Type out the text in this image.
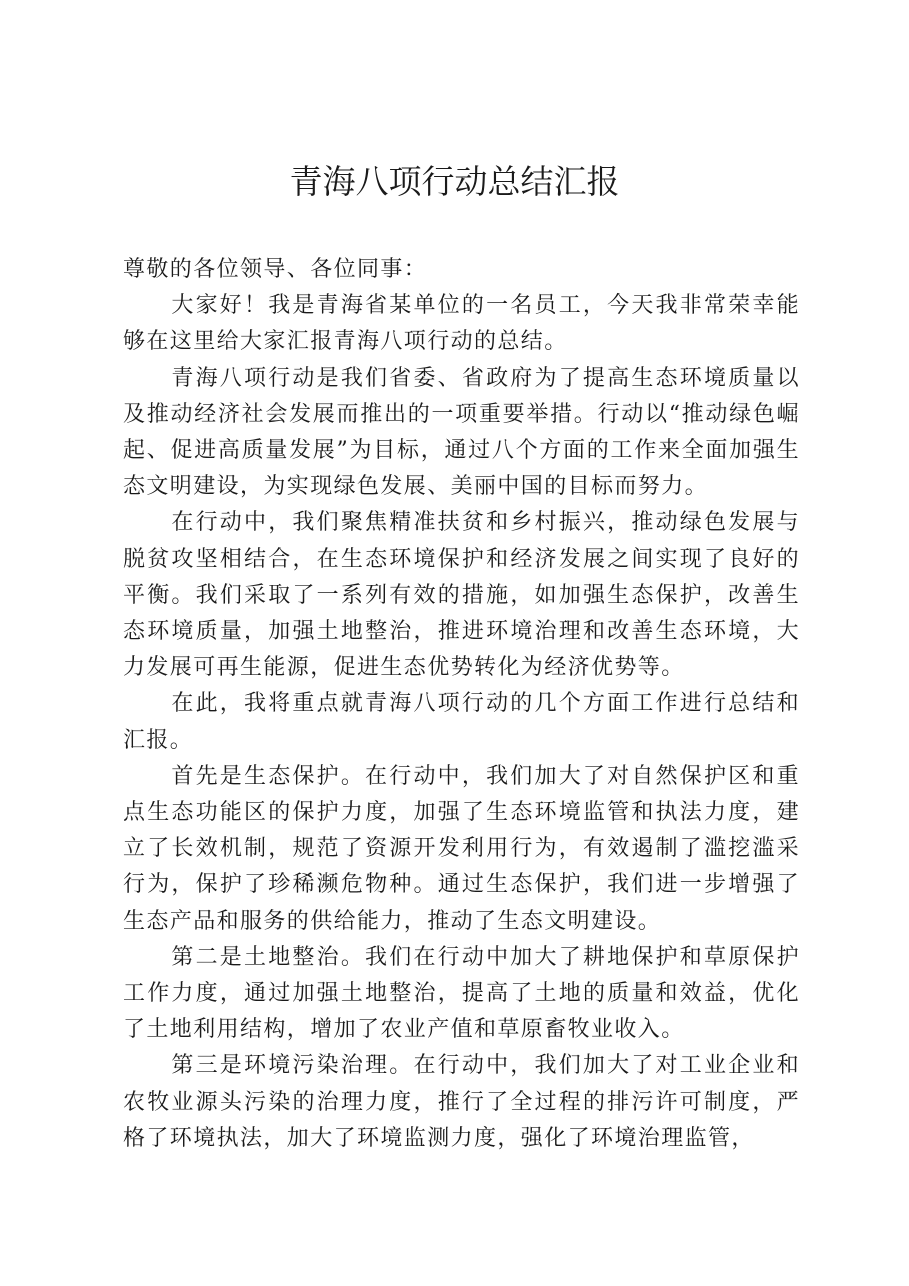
青海八项行动总结汇报

尊敬的各位领导、各位同事：

大家好！我是青海省某单位的一名员工，今天我非常荣幸能够在这里给大家汇报青海八项行动的总结。

青海八项行动是我们省委、省政府为了提高生态环境质量以及推动经济社会发展而推出的一项重要举措。行动以“推动绿色崛起、促进高质量发展”为目标，通过八个方面的工作来全面加强生态文明建设，为实现绿色发展、美丽中国的目标而努力。

在行动中，我们聚焦精准扶贫和乡村振兴，推动绿色发展与脱贫攻坚相结合，在生态环境保护和经济发展之间实现了良好的平衡。我们采取了一系列有效的措施，如加强生态保护，改善生态环境质量，加强土地整治，推进环境治理和改善生态环境，大力发展可再生能源，促进生态优势转化为经济优势等。

在此，我将重点就青海八项行动的几个方面工作进行总结和汇报。

首先是生态保护。在行动中，我们加大了对自然保护区和重点生态功能区的保护力度，加强了生态环境监管和执法力度，建立了长效机制，规范了资源开发利用行为，有效遏制了滥挖滥采行为，保护了珍稀濒危物种。通过生态保护，我们进一步增强了生态产品和服务的供给能力，推动了生态文明建设。

第二是土地整治。我们在行动中加大了耕地保护和草原保护工作力度，通过加强土地整治，提高了土地的质量和效益，优化了土地利用结构，增加了农业产值和草原畜牧业收入。

第三是环境污染治理。在行动中，我们加大了对工业企业和农牧业源头污染的治理力度，推行了全过程的排污许可制度，严格了环境执法，加大了环境监测力度，强化了环境治理监管，
